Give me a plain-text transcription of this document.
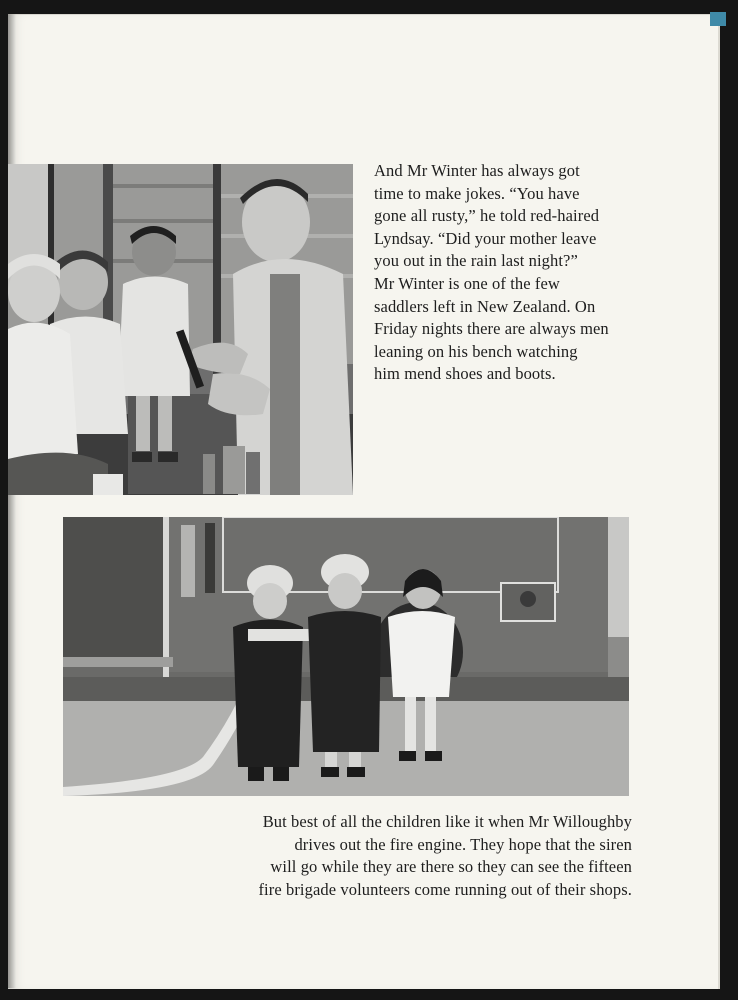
And Mr Winter has always got
time to make jokes. “You have
gone all rusty,” he told red-haired
Lyndsay. “Did your mother leave
you out in the rain last night?”
Mr Winter is one of the few
saddlers left in New Zealand. On
Friday nights there are always men
leaning on his bench watching
him mend shoes and boots.
But best of all the children like it when Mr Willoughby
drives out the fire engine. They hope that the siren
will go while they are there so they can see the fifteen
fire brigade volunteers come running out of their shops.
